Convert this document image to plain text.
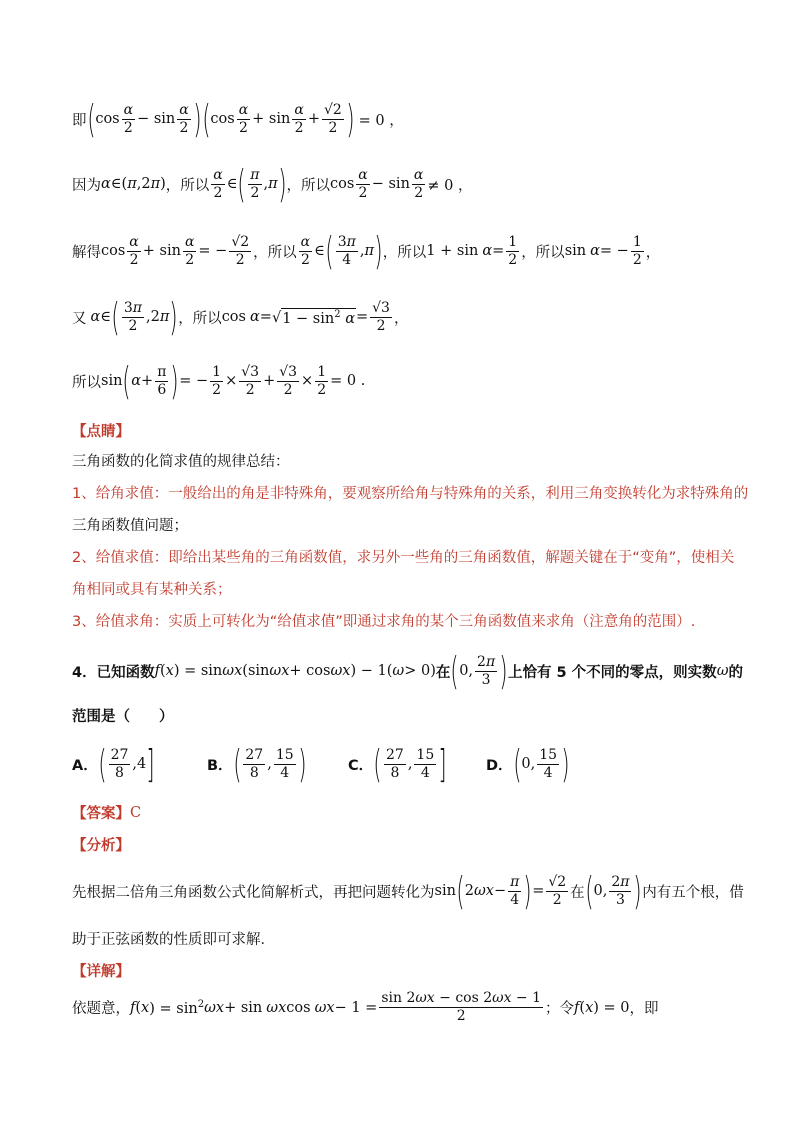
即 ( $\cos \frac{\alpha}{2} - \sin \frac{\alpha}{2}$ ) ( $\cos \frac{\alpha}{2} + \sin \frac{\alpha}{2} + \frac{√2}{2}$ ) = 0 ，
因为 α ∈( π ,2 π ) ，所以 $\frac{\alpha}{2}$ ∈ ( $\frac{\pi}{2}$ , π ) ，所以 $\cos \frac{\alpha}{2} - \sin \frac{\alpha}{2} \ne 0$ ，
解得 $\cos \frac{\alpha}{2} + \sin \frac{\alpha}{2}$ = − $\frac{√2}{2}$ ，所以 $\frac{\alpha}{2}$ ∈ ( $\frac{3\pi}{4}$ , π ) ，所以 $1 + \sin \alpha = \frac{1}{2}$ ，所以 sin α = − $\frac{1}{2}$ ，
又 α ∈ ( $\frac{3\pi}{2} ,2$ π ) ，所以 cos α = √ $1 - \sin^2 \alpha = \frac{√3}{2}$ ，
所以 sin ( $\alpha + \frac{\pi}{6}$ ) = − $\frac{1}{2} \times \frac{√3}{2} + \frac{√3}{2} \times \frac{1}{2} = 0$ .
【点睛】
三角函数的化简求值的规律总结：
1、给角求值：一般给出的角是非特殊角，要观察所给角与特殊角的关系，利用三角变换转化为求特殊角的
三角函数值问题；
2、给值求值：即给出某些角的三角函数值，求另外一些角的三角函数值，解题关键在于“变角”，使相关
角相同或具有某种关系；
3、给值求角：实质上可转化为“给值求值”即通过求角的某个三角函数值来求角（注意角的范围）.
4． 已知函数 f ( x ) = sin ωx (sin ωx + cos ωx ) − 1( ω > 0) 在 ( 0, $\frac{2\pi}{3}$ ) 上恰有 5 个不同的零点，则实数 ω 的
范围是（　　）
A． ( $\frac{27}{8} ,4$ ]	B． ( $\frac{27}{8}$ , $\frac{15}{4}$ )	C． ( $\frac{27}{8}$ , $\frac{15}{4}$ ]	D． ( 0, $\frac{15}{4}$ )
【答案】 C
【分析】
先根据二倍角三角函数公式化简解析式，再把问题转化为 sin ( 2 $\omega x - \frac{\pi}{4}$ ) = $\frac{√2}{2}$ 在 ( 0, $\frac{2\pi}{3}$ ) 内有五个根，借
助于正弦函数的性质即可求解．
【详解】
依题意， f ( x ) = $\sin^2 \omega x + \sin \omega x$ $\cos \omega x - 1 = \frac{\sin 2\omega x - \cos 2\omega x - 1}{2}$ ；令 f ( x ) = 0 ，即
